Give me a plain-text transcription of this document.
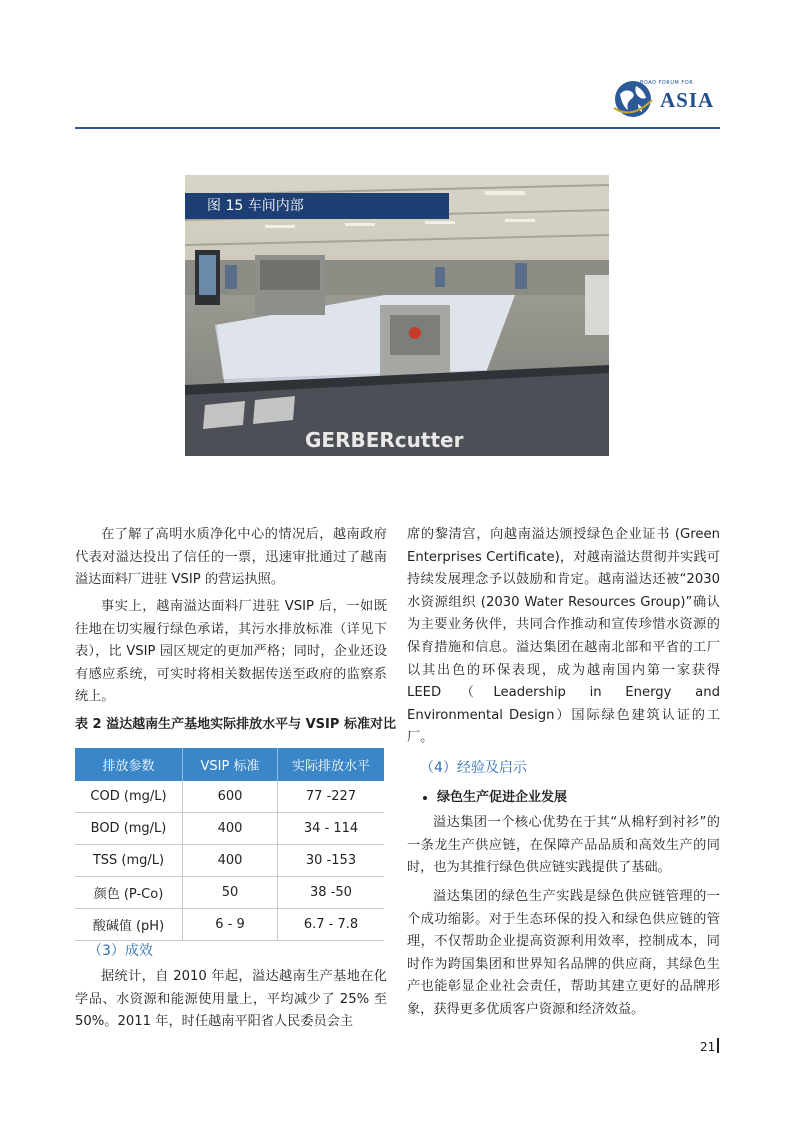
BOAO FORUM FOR
ASIA
GERBERcutter
图 15 车间内部

在了解了高明水质净化中心的情况后，越南政府代表对溢达投出了信任的一票，迅速审批通过了越南溢达面料厂进驻 VSIP 的营运执照。

事实上，越南溢达面料厂进驻 VSIP 后，一如既往地在切实履行绿色承诺，其污水排放标准（详见下表），比 VSIP 园区规定的更加严格；同时，企业还设有感应系统，可实时将相关数据传送至政府的监察系统上。

表 2 溢达越南生产基地实际排放水平与 VSIP 标准对比
排放参数	VSIP 标准	实际排放水平
COD (mg/L)	600	77 -227
BOD (mg/L)	400	34 - 114
TSS (mg/L)	400	30 -153
颜色 (P-Co)	50	38 -50
酸碱值 (pH)	6 ‐ 9	6.7 ‐ 7.8
（3）成效

据统计，自 2010 年起，溢达越南生产基地在化学品、水资源和能源使用量上，平均减少了 25% 至 50%。2011 年，时任越南平阳省人民委员会主

席的黎清宫，向越南溢达颁授绿色企业证书 (Green Enterprises Certificate)，对越南溢达贯彻并实践可持续发展理念予以鼓励和肯定。越南溢达还被“2030 水资源组织 (2030 Water Resources Group)”确认为主要业务伙伴，共同合作推动和宣传珍惜水资源的保育措施和信息。溢达集团在越南北部和平省的工厂以其出色的环保表现，成为越南国内第一家获得 LEED（Leadership in Energy and Environmental Design）国际绿色建筑认证的工厂。

（4）经验及启示
绿色生产促进企业发展

溢达集团一个核心优势在于其“从棉籽到衬衫”的一条龙生产供应链，在保障产品品质和高效生产的同时，也为其推行绿色供应链实践提供了基础。

溢达集团的绿色生产实践是绿色供应链管理的一个成功缩影。对于生态环保的投入和绿色供应链的管理，不仅帮助企业提高资源利用效率，控制成本，同时作为跨国集团和世界知名品牌的供应商，其绿色生产也能彰显企业社会责任，帮助其建立更好的品牌形象，获得更多优质客户资源和经济效益。

21
